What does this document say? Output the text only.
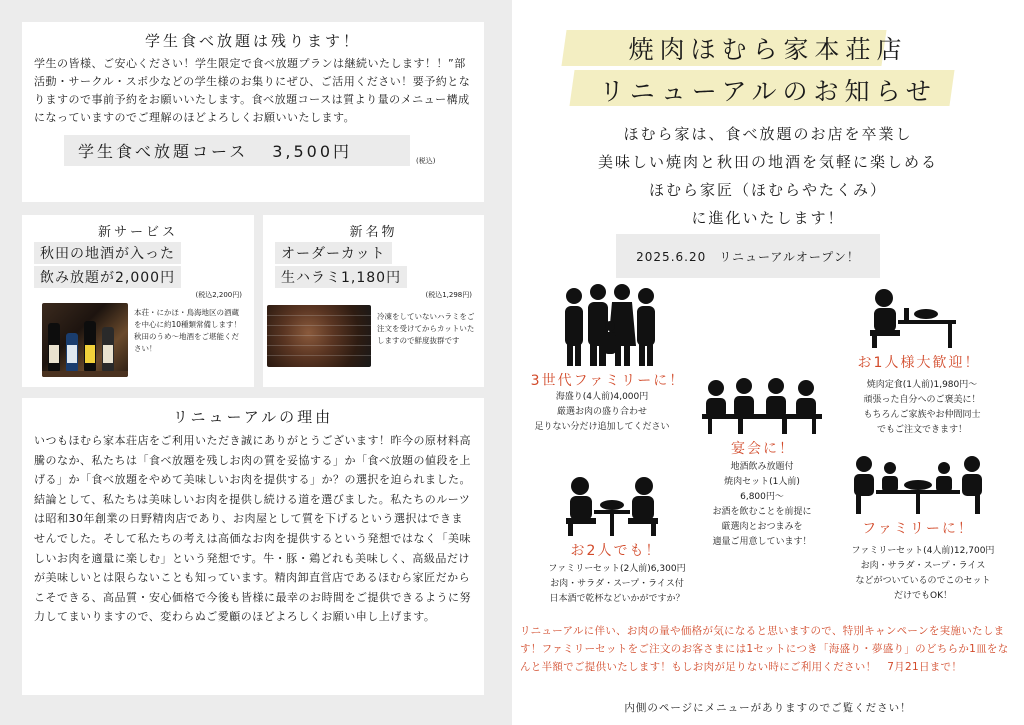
学生食べ放題は残ります！

学生の皆様、ご安心ください！学生限定で食べ放題プランは継続いたします！！”部活動・サークル・スポ少などの学生様のお集りにぜひ、ご活用ください！要予約となりますので事前予約をお願いいたします。食べ放題コースは質より量のメニュー構成になっていますのでご理解のほどよろしくお願いいたします。

学生食べ放題コース 3,500円	(税込)
新サービス
秋田の地酒が入った
飲み放題が2,000円
(税込2,200円)
本荘・にかほ・鳥海地区の酒蔵を中心に約10種類常備します！秋田のうめ〜地酒をご堪能ください！
新名物
オーダーカット
生ハラミ1,180円
(税込1,298円)
冷凍をしていないハラミをご注文を受けてからカットいたしますので鮮度抜群です
リニューアルの理由

いつもほむら家本荘店をご利用いただき誠にありがとうございます！昨今の原材料高騰のなか、私たちは「食べ放題を残しお肉の質を妥協する」か「食べ放題の値段を上げる」か「食べ放題をやめて美味しいお肉を提供する」か？の選択を迫られました。結論として、私たちは美味しいお肉を提供し続ける道を選びました。私たちのルーツは昭和30年創業の日野精肉店であり、お肉屋として質を下げるという選択はできませんでした。そして私たちの考えは高価なお肉を提供するという発想ではなく「美味しいお肉を適量に楽しむ」という発想です。牛・豚・鶏どれも美味しく、高級品だけが美味しいとは限らないことも知っています。精肉卸直営店であるほむら家匠だからこそできる、高品質・安心価格で今後も皆様に最幸のお時間をご提供できるように努力してまいりますので、変わらぬご愛顧のほどよろしくお願い申し上げます。

焼肉ほむら家本荘店
リニューアルのお知らせ
ほむら家は、食べ放題のお店を卒業し
美味しい焼肉と秋田の地酒を気軽に楽しめる
ほむら家匠（ほむらやたくみ）
に進化いたします！
2025.6.20　リニューアルオープン！
3世代ファミリーに！
海盛り(4人前)4,000円
厳選お肉の盛り合わせ
足りない分だけ追加してください
お1人様大歓迎！
焼肉定食(1人前)1,980円〜
頑張った自分へのご褒美に！
もちろんご家族やお仲間同士
でもご注文できます！
宴会に！
地酒飲み放題付
焼肉セット(1人前)
6,800円〜
お酒を飲むことを前提に
厳選肉とおつまみを
適量ご用意しています！
お2人でも！
ファミリーセット(2人前)6,300円
お肉・サラダ・スープ・ライス付
日本酒で乾杯などいかがですか？
ファミリーに！
ファミリーセット(4人前)12,700円
お肉・サラダ・スープ・ライス
などがついているのでこのセット
だけでもOK！
リニューアルに伴い、お肉の量や価格が気になると思いますので、特別キャンペーンを実施いたします！ファミリーセットをご注文のお客さまには1セットにつき「海盛り・夢盛り」のどちらか1皿をなんと半額でご提供いたします！もしお肉が足りない時にご利用ください！　7月21日まで！
内側のページにメニューがありますのでご覧ください！
